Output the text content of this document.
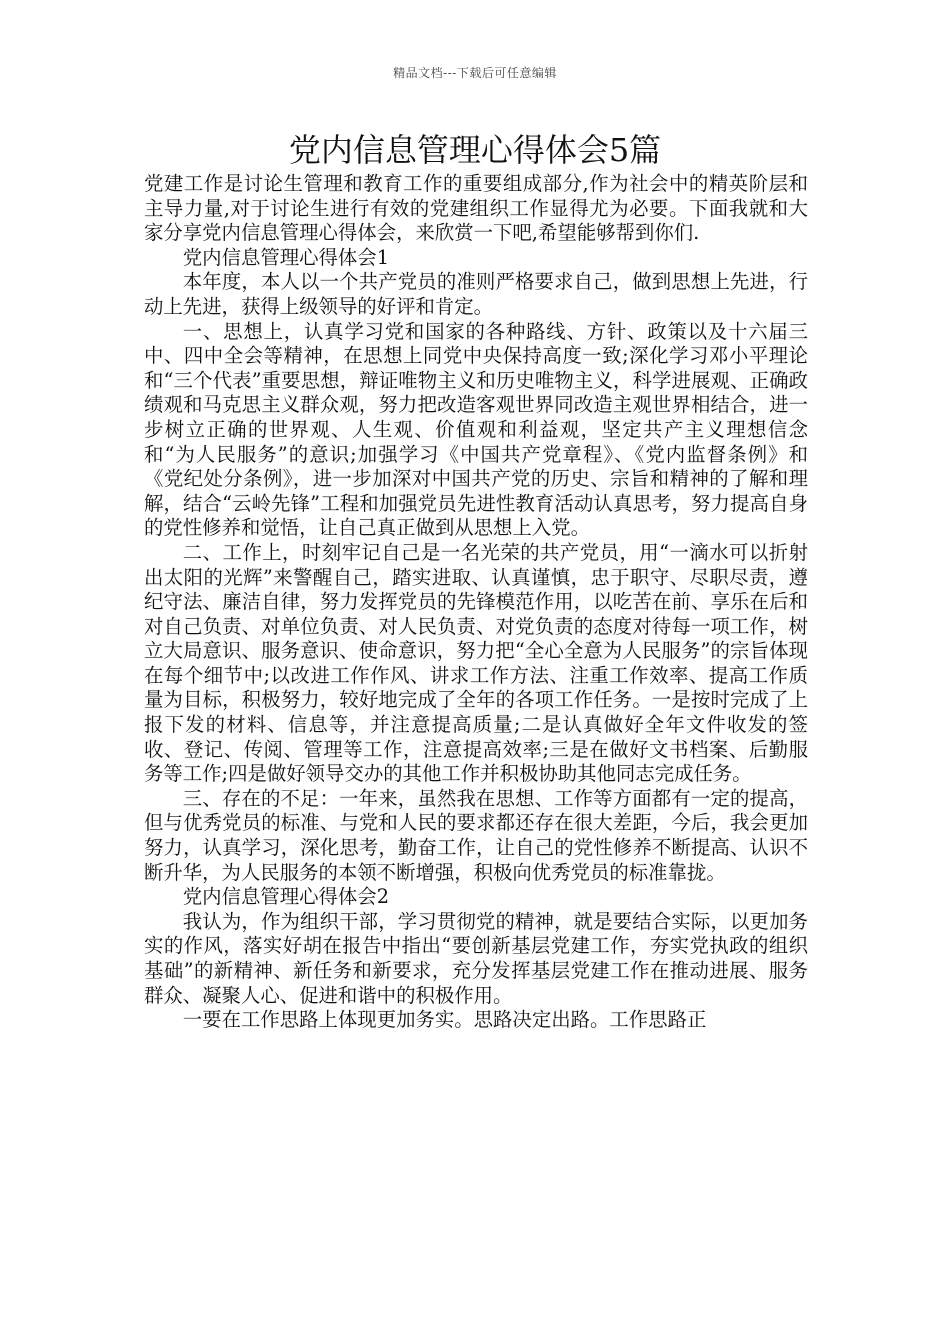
精品文档---下载后可任意编辑
党内信息管理心得体会5篇

党建工作是讨论生管理和教育工作的重要组成部分,作为社会中的精英阶层和主导力量,对于讨论生进行有效的党建组织工作显得尤为必要。下面我就和大家分享党内信息管理心得体会，来欣赏一下吧,希望能够帮到你们.

党内信息管理心得体会1

本年度，本人以一个共产党员的准则严格要求自己，做到思想上先进，行动上先进，获得上级领导的好评和肯定。

一、思想上，认真学习党和国家的各种路线、方针、政策以及十六届三中、四中全会等精神，在思想上同党中央保持高度一致;深化学习邓小平理论和“三个代表”重要思想，辩证唯物主义和历史唯物主义，科学进展观、正确政绩观和马克思主义群众观，努力把改造客观世界同改造主观世界相结合，进一步树立正确的世界观、人生观、价值观和利益观，坚定共产主义理想信念和“为人民服务”的意识;加强学习《中国共产党章程》、《党内监督条例》和《党纪处分条例》，进一步加深对中国共产党的历史、宗旨和精神的了解和理解，结合“云岭先锋”工程和加强党员先进性教育活动认真思考，努力提高自身的党性修养和觉悟，让自己真正做到从思想上入党。

二、工作上，时刻牢记自己是一名光荣的共产党员，用“一滴水可以折射出太阳的光辉”来警醒自己，踏实进取、认真谨慎，忠于职守、尽职尽责，遵纪守法、廉洁自律，努力发挥党员的先锋模范作用，以吃苦在前、享乐在后和对自己负责、对单位负责、对人民负责、对党负责的态度对待每一项工作，树立大局意识、服务意识、使命意识，努力把“全心全意为人民服务”的宗旨体现在每个细节中;以改进工作作风、讲求工作方法、注重工作效率、提高工作质量为目标，积极努力，较好地完成了全年的各项工作任务。一是按时完成了上报下发的材料、信息等，并注意提高质量;二是认真做好全年文件收发的签收、登记、传阅、管理等工作，注意提高效率;三是在做好文书档案、后勤服务等工作;四是做好领导交办的其他工作并积极协助其他同志完成任务。

三、存在的不足：一年来，虽然我在思想、工作等方面都有一定的提高，但与优秀党员的标准、与党和人民的要求都还存在很大差距，今后，我会更加努力，认真学习，深化思考，勤奋工作，让自己的党性修养不断提高、认识不断升华，为人民服务的本领不断增强，积极向优秀党员的标准靠拢。

党内信息管理心得体会2

我认为，作为组织干部，学习贯彻党的精神，就是要结合实际，以更加务实的作风，落实好胡在报告中指出“要创新基层党建工作，夯实党执政的组织基础”的新精神、新任务和新要求，充分发挥基层党建工作在推动进展、服务群众、凝聚人心、促进和谐中的积极作用。

一要在工作思路上体现更加务实。思路决定出路。工作思路正
